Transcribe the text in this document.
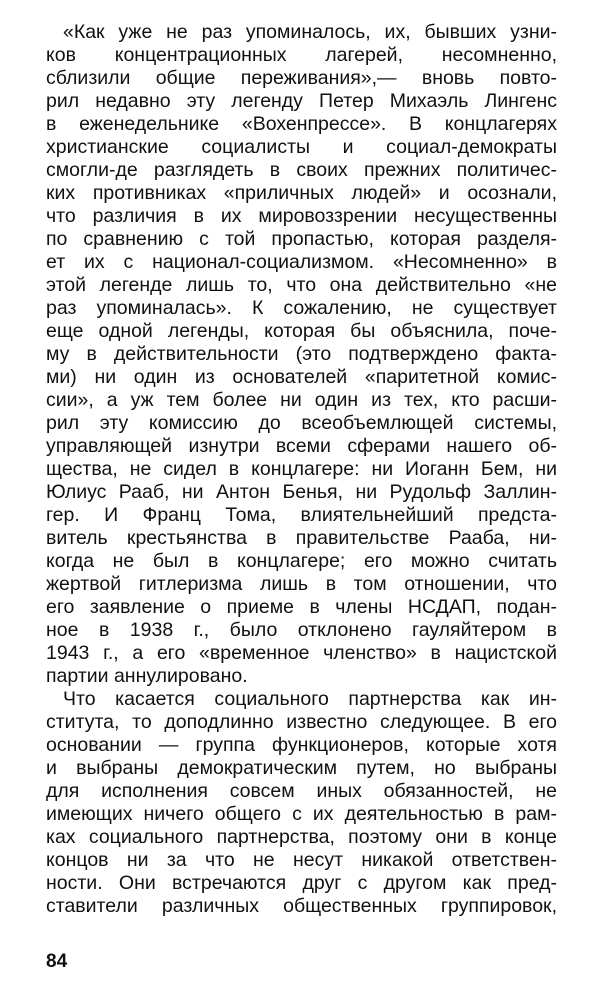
«Как уже не раз упоминалось, их, бывших узни-
ков концентрационных лагерей, несомненно,
сблизили общие переживания»,— вновь повто-
рил недавно эту легенду Петер Михаэль Лингенс
в еженедельнике «Вохенпрессе». В концлагерях
христианские социалисты и социал-демократы
смогли-де разглядеть в своих прежних политичес-
ких противниках «приличных людей» и осознали,
что различия в их мировоззрении несущественны
по сравнению с той пропастью, которая разделя-
ет их с национал-социализмом. «Несомненно» в
этой легенде лишь то, что она действительно «не
раз упоминалась». К сожалению, не существует
еще одной легенды, которая бы объяснила, поче-
му в действительности (это подтверждено факта-
ми) ни один из основателей «паритетной комис-
сии», а уж тем более ни один из тех, кто расши-
рил эту комиссию до всеобъемлющей системы,
управляющей изнутри всеми сферами нашего об-
щества, не сидел в концлагере: ни Иоганн Бем, ни
Юлиус Рааб, ни Антон Бенья, ни Рудольф Заллин-
гер. И Франц Тома, влиятельнейший предста-
витель крестьянства в правительстве Рааба, ни-
когда не был в концлагере; его можно считать
жертвой гитлеризма лишь в том отношении, что
его заявление о приеме в члены НСДАП, подан-
ное в 1938 г., было отклонено гауляйтером в
1943 г., а его «временное членство» в нацистской
партии аннулировано.
Что касается социального партнерства как ин-
ститута, то доподлинно известно следующее. В его
основании — группа функционеров, которые хотя
и выбраны демократическим путем, но выбраны
для исполнения совсем иных обязанностей, не
имеющих ничего общего с их деятельностью в рам-
ках социального партнерства, поэтому они в конце
концов ни за что не несут никакой ответствен-
ности. Они встречаются друг с другом как пред-
ставители различных общественных группировок,
84
